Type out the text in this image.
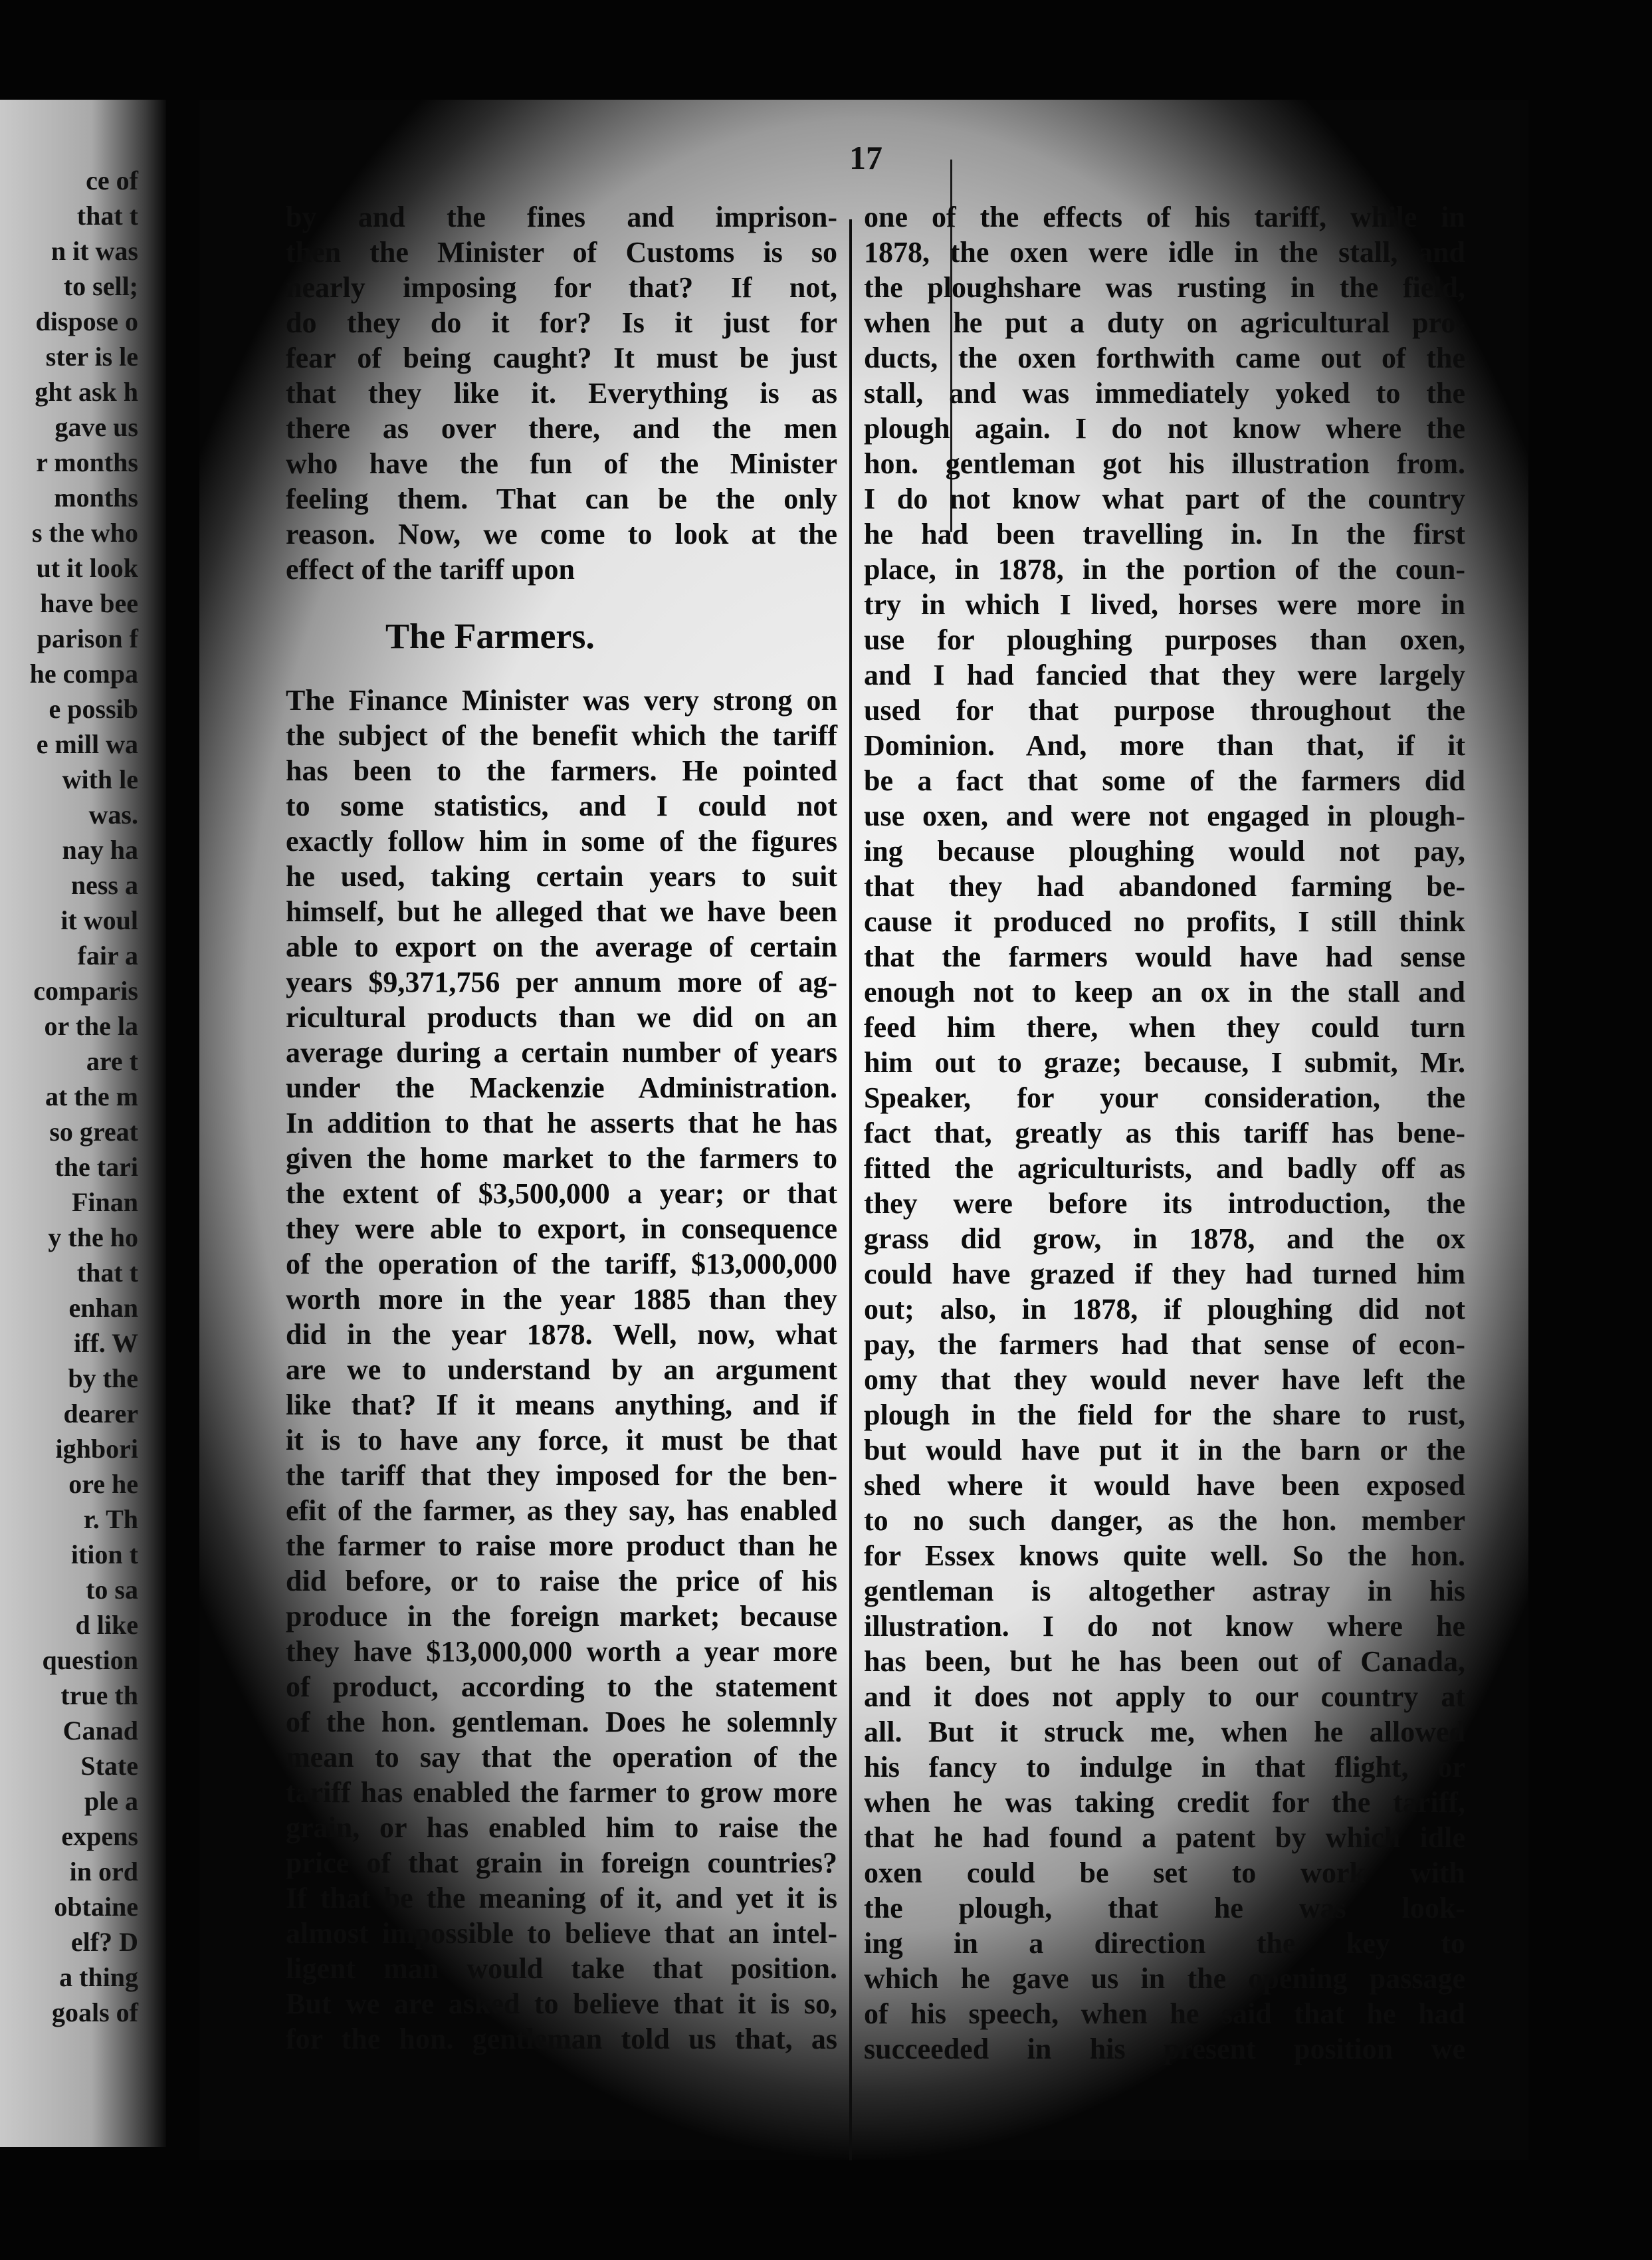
ce of
that t
n it was
to sell;
dispose o
ster is le
ght ask h
gave us
r months
months
s the who
ut it look
have bee
parison f
he compa
e possib
e mill wa
with le
was.
nay ha
ness a
it woul
fair a
comparis
or the la
are t
at the m
so great
the tari
Finan
y the ho
that t
enhan
iff. W
by the
dearer
ighbori
ore he
r. Th
ition t
to sa
d like
question
true th
Canad
State
ple a
expens
in ord
obtaine
elf? D
a thing
goals of
17
by and the fines and imprison-
then the Minister of Customs is so
nearly imposing for that? If not,
do they do it for? Is it just for
fear of being caught? It must be just
that they like it. Everything is as
there as over there, and the men
who have the fun of the Minister
feeling them. That can be the only
reason. Now, we come to look at the
effect of the tariff upon
The Farmers.
The Finance Minister was very strong on
the subject of the benefit which the tariff
has been to the farmers. He pointed
to some statistics, and I could not
exactly follow him in some of the figures
he used, taking certain years to suit
himself, but he alleged that we have been
able to export on the average of certain
years $9,371,756 per annum more of ag-
ricultural products than we did on an
average during a certain number of years
under the Mackenzie Administration.
In addition to that he asserts that he has
given the home market to the farmers to
the extent of $3,500,000 a year; or that
they were able to export, in consequence
of the operation of the tariff, $13,000,000
worth more in the year 1885 than they
did in the year 1878. Well, now, what
are we to understand by an argument
like that? If it means anything, and if
it is to have any force, it must be that
the tariff that they imposed for the ben-
efit of the farmer, as they say, has enabled
the farmer to raise more product than he
did before, or to raise the price of his
produce in the foreign market; because
they have $13,000,000 worth a year more
of product, according to the statement
of the hon. gentleman. Does he solemnly
mean to say that the operation of the
tariff has enabled the farmer to grow more
grain, or has enabled him to raise the
price of that grain in foreign countries?
If that be the meaning of it, and yet it is
almost impossible to believe that an intel-
ligent man would take that position.
But we are asked to believe that it is so,
for the hon. gentleman told us that, as
one of the effects of his tariff, while in
1878, the oxen were idle in the stall, and
the ploughshare was rusting in the field,
when he put a duty on agricultural pro-
ducts, the oxen forthwith came out of the
stall, and was immediately yoked to the
plough again. I do not know where the
hon. gentleman got his illustration from.
I do not know what part of the country
he had been travelling in. In the first
place, in 1878, in the portion of the coun-
try in which I lived, horses were more in
use for ploughing purposes than oxen,
and I had fancied that they were largely
used for that purpose throughout the
Dominion. And, more than that, if it
be a fact that some of the farmers did
use oxen, and were not engaged in plough-
ing because ploughing would not pay,
that they had abandoned farming be-
cause it produced no profits, I still think
that the farmers would have had sense
enough not to keep an ox in the stall and
feed him there, when they could turn
him out to graze; because, I submit, Mr.
Speaker, for your consideration, the
fact that, greatly as this tariff has bene-
fitted the agriculturists, and badly off as
they were before its introduction, the
grass did grow, in 1878, and the ox
could have grazed if they had turned him
out; also, in 1878, if ploughing did not
pay, the farmers had that sense of econ-
omy that they would never have left the
plough in the field for the share to rust,
but would have put it in the barn or the
shed where it would have been exposed
to no such danger, as the hon. member
for Essex knows quite well. So the hon.
gentleman is altogether astray in his
illustration. I do not know where he
has been, but he has been out of Canada,
and it does not apply to our country at
all. But it struck me, when he allowed
his fancy to indulge in that flight, or
when he was taking credit for the tariff,
that he had found a patent by which idle
oxen could be set to work with
the plough, that he was look-
ing in a direction the key to
which he gave us in the opening passage
of his speech, when he said that he had
succeeded in his present position we
